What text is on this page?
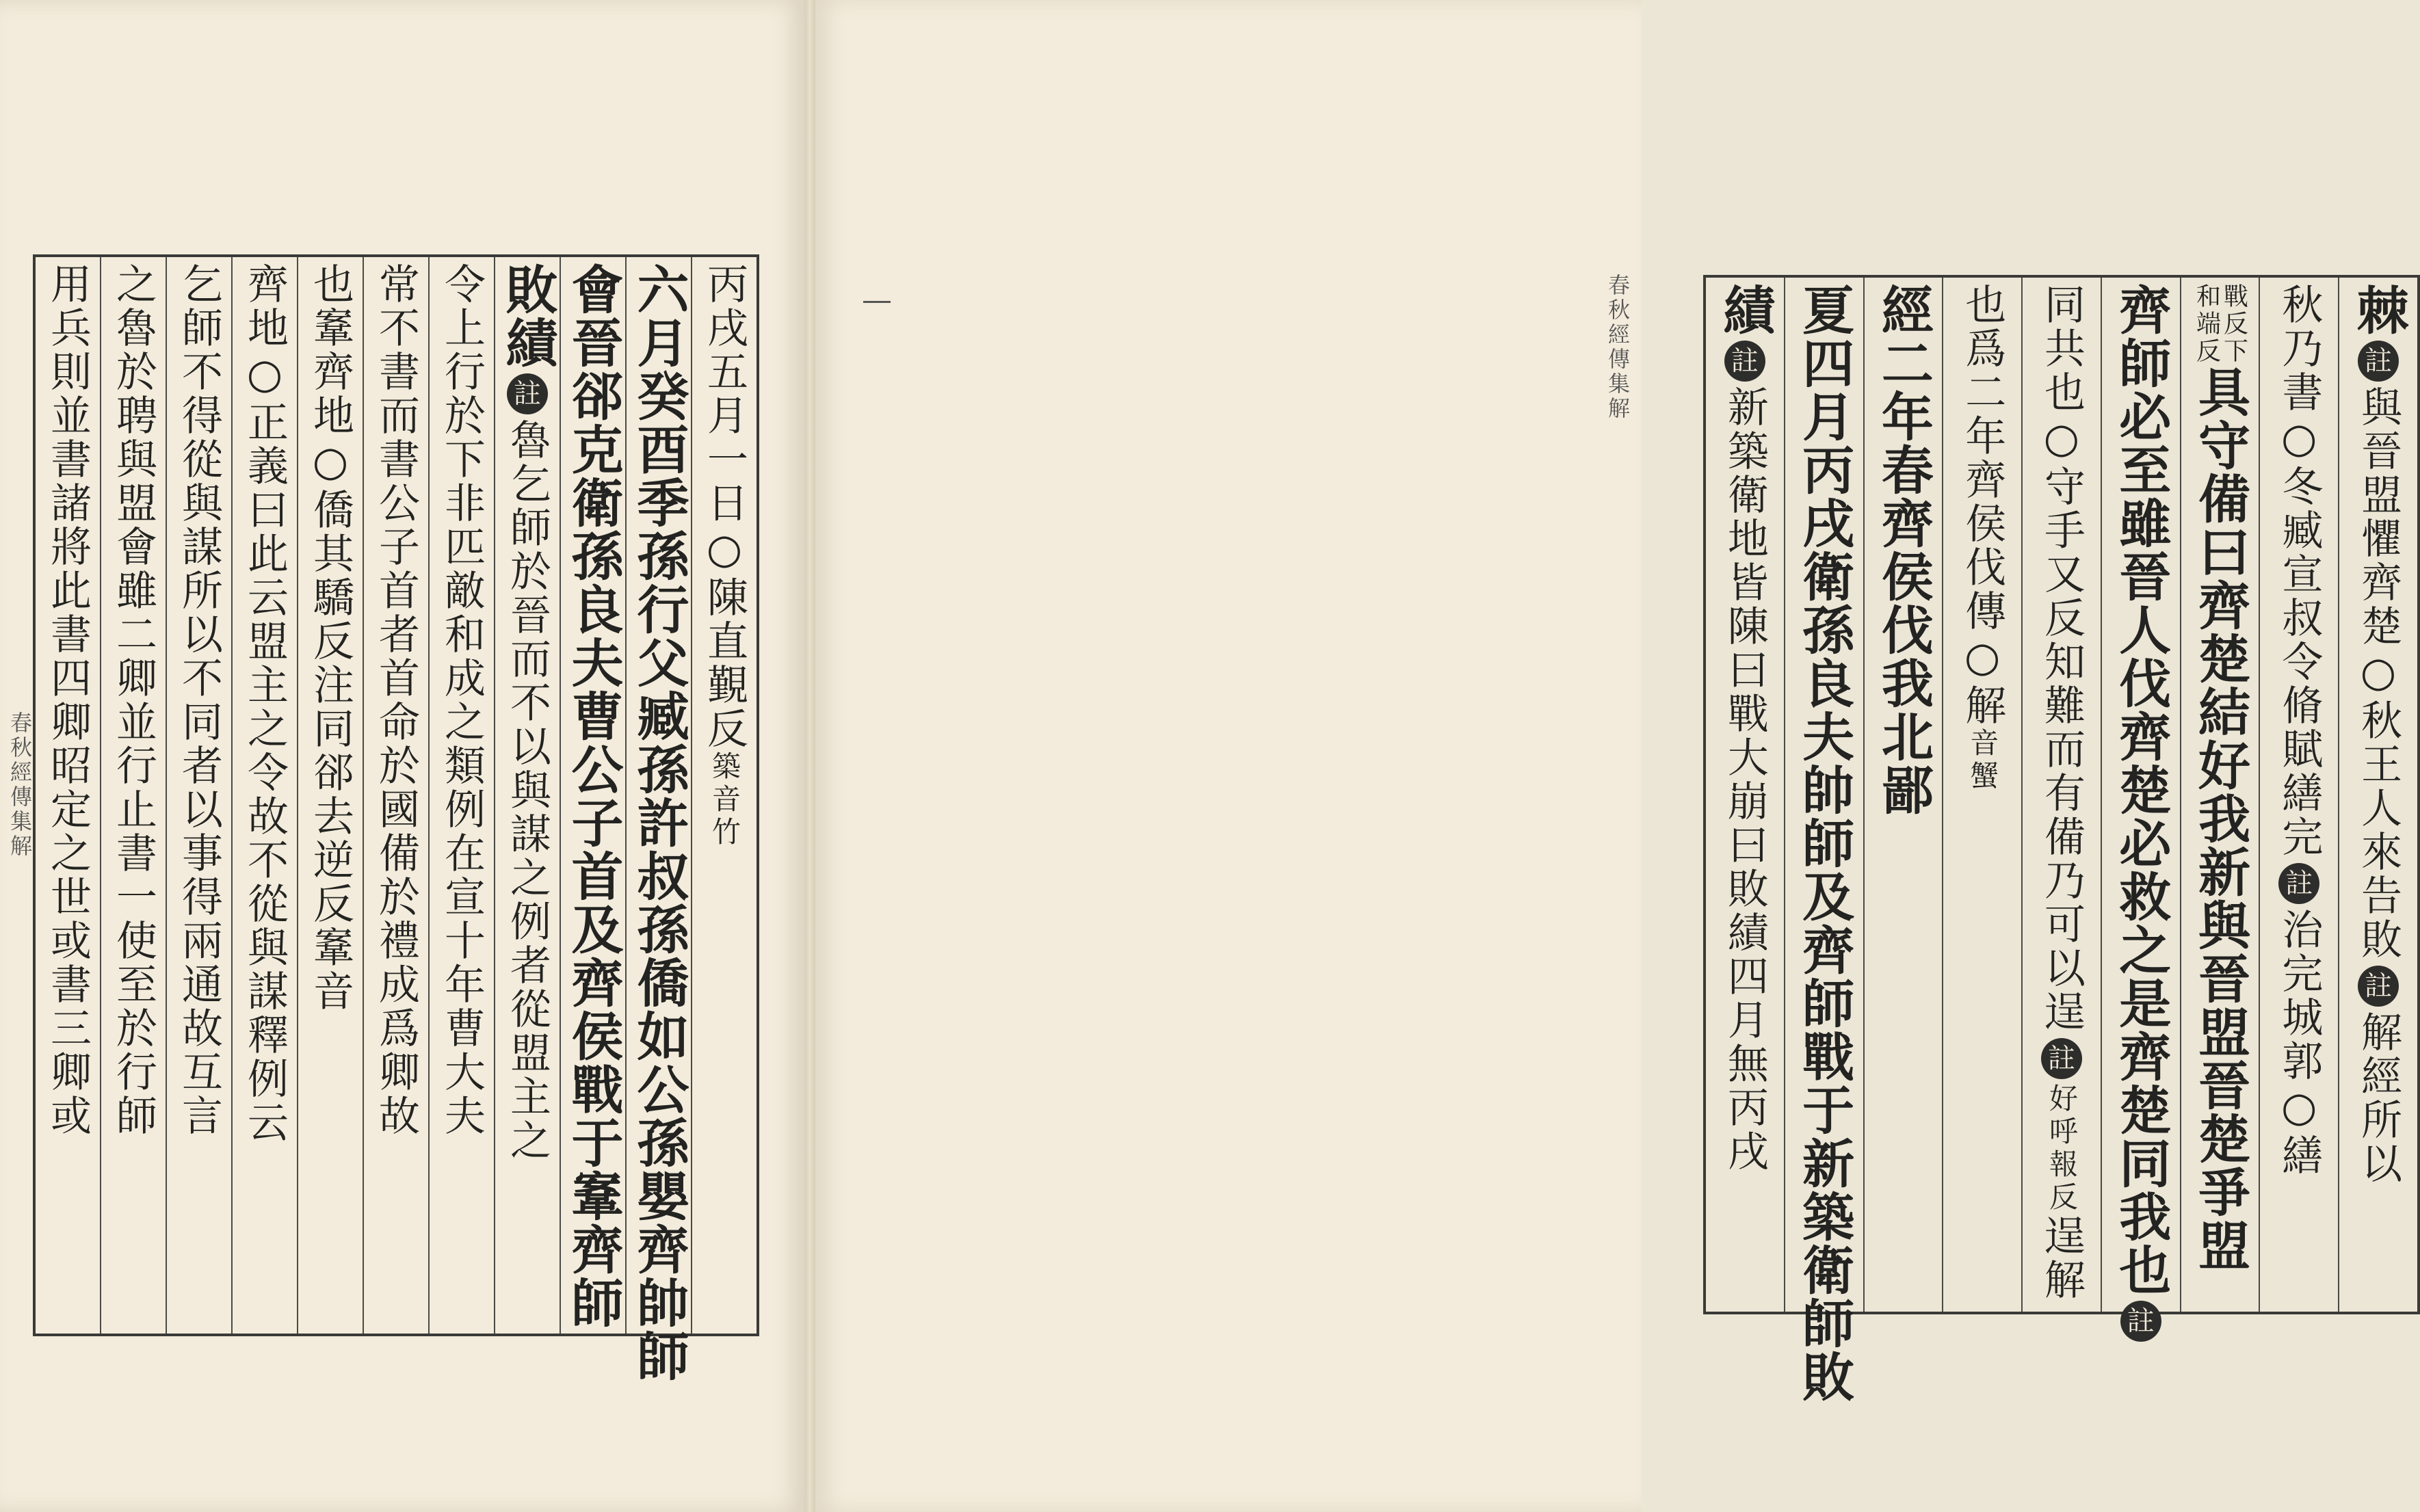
春秋經傳集解
丙戌五月一日○陳直覲反
築音竹
六月癸酉季孫行父臧孫許叔孫僑如公孫嬰齊帥師
會晉郤克衛孫良夫曹公子首及齊侯戰于鞌齊師
敗績
註
魯乞師於晉而不以與謀之例者從盟主之
令上行於下非匹敵和成之類例在宣十年曹大夫
常不書而書公子首者首命於國備於禮成爲卿故
也鞌齊地○僑其驕反注同郤去逆反鞌音
齊地○正義曰此云盟主之令故不從與謀釋例云
乞師不得從與謀所以不同者以事得兩通故互言
之魯於聘與盟會雖二卿並行止書一使至於行師
用兵則並書諸將此書四卿昭定之世或書三卿或	棘
註
與晉盟懼齊楚○秋王人來告敗
註
解經所以
秋乃書○冬臧宣叔令脩賦繕完
註
治完城郭○繕
戰反下
和端反
具守備曰齊楚結好我新與晉盟晉楚爭盟
齊師必至雖晉人伐齊楚必救之是齊楚同我也
註
同共也○守手又反知難而有備乃可以逞
註
好呼報反
逞解
也爲二年齊侯伐傳○解
音蟹
經二年春齊侯伐我北鄙
夏四月丙戌衛孫良夫帥師及齊師戰于新築衛師敗
績
註
新築衛地皆陳曰戰大崩曰敗績四月無丙戌
春秋經傳集解
